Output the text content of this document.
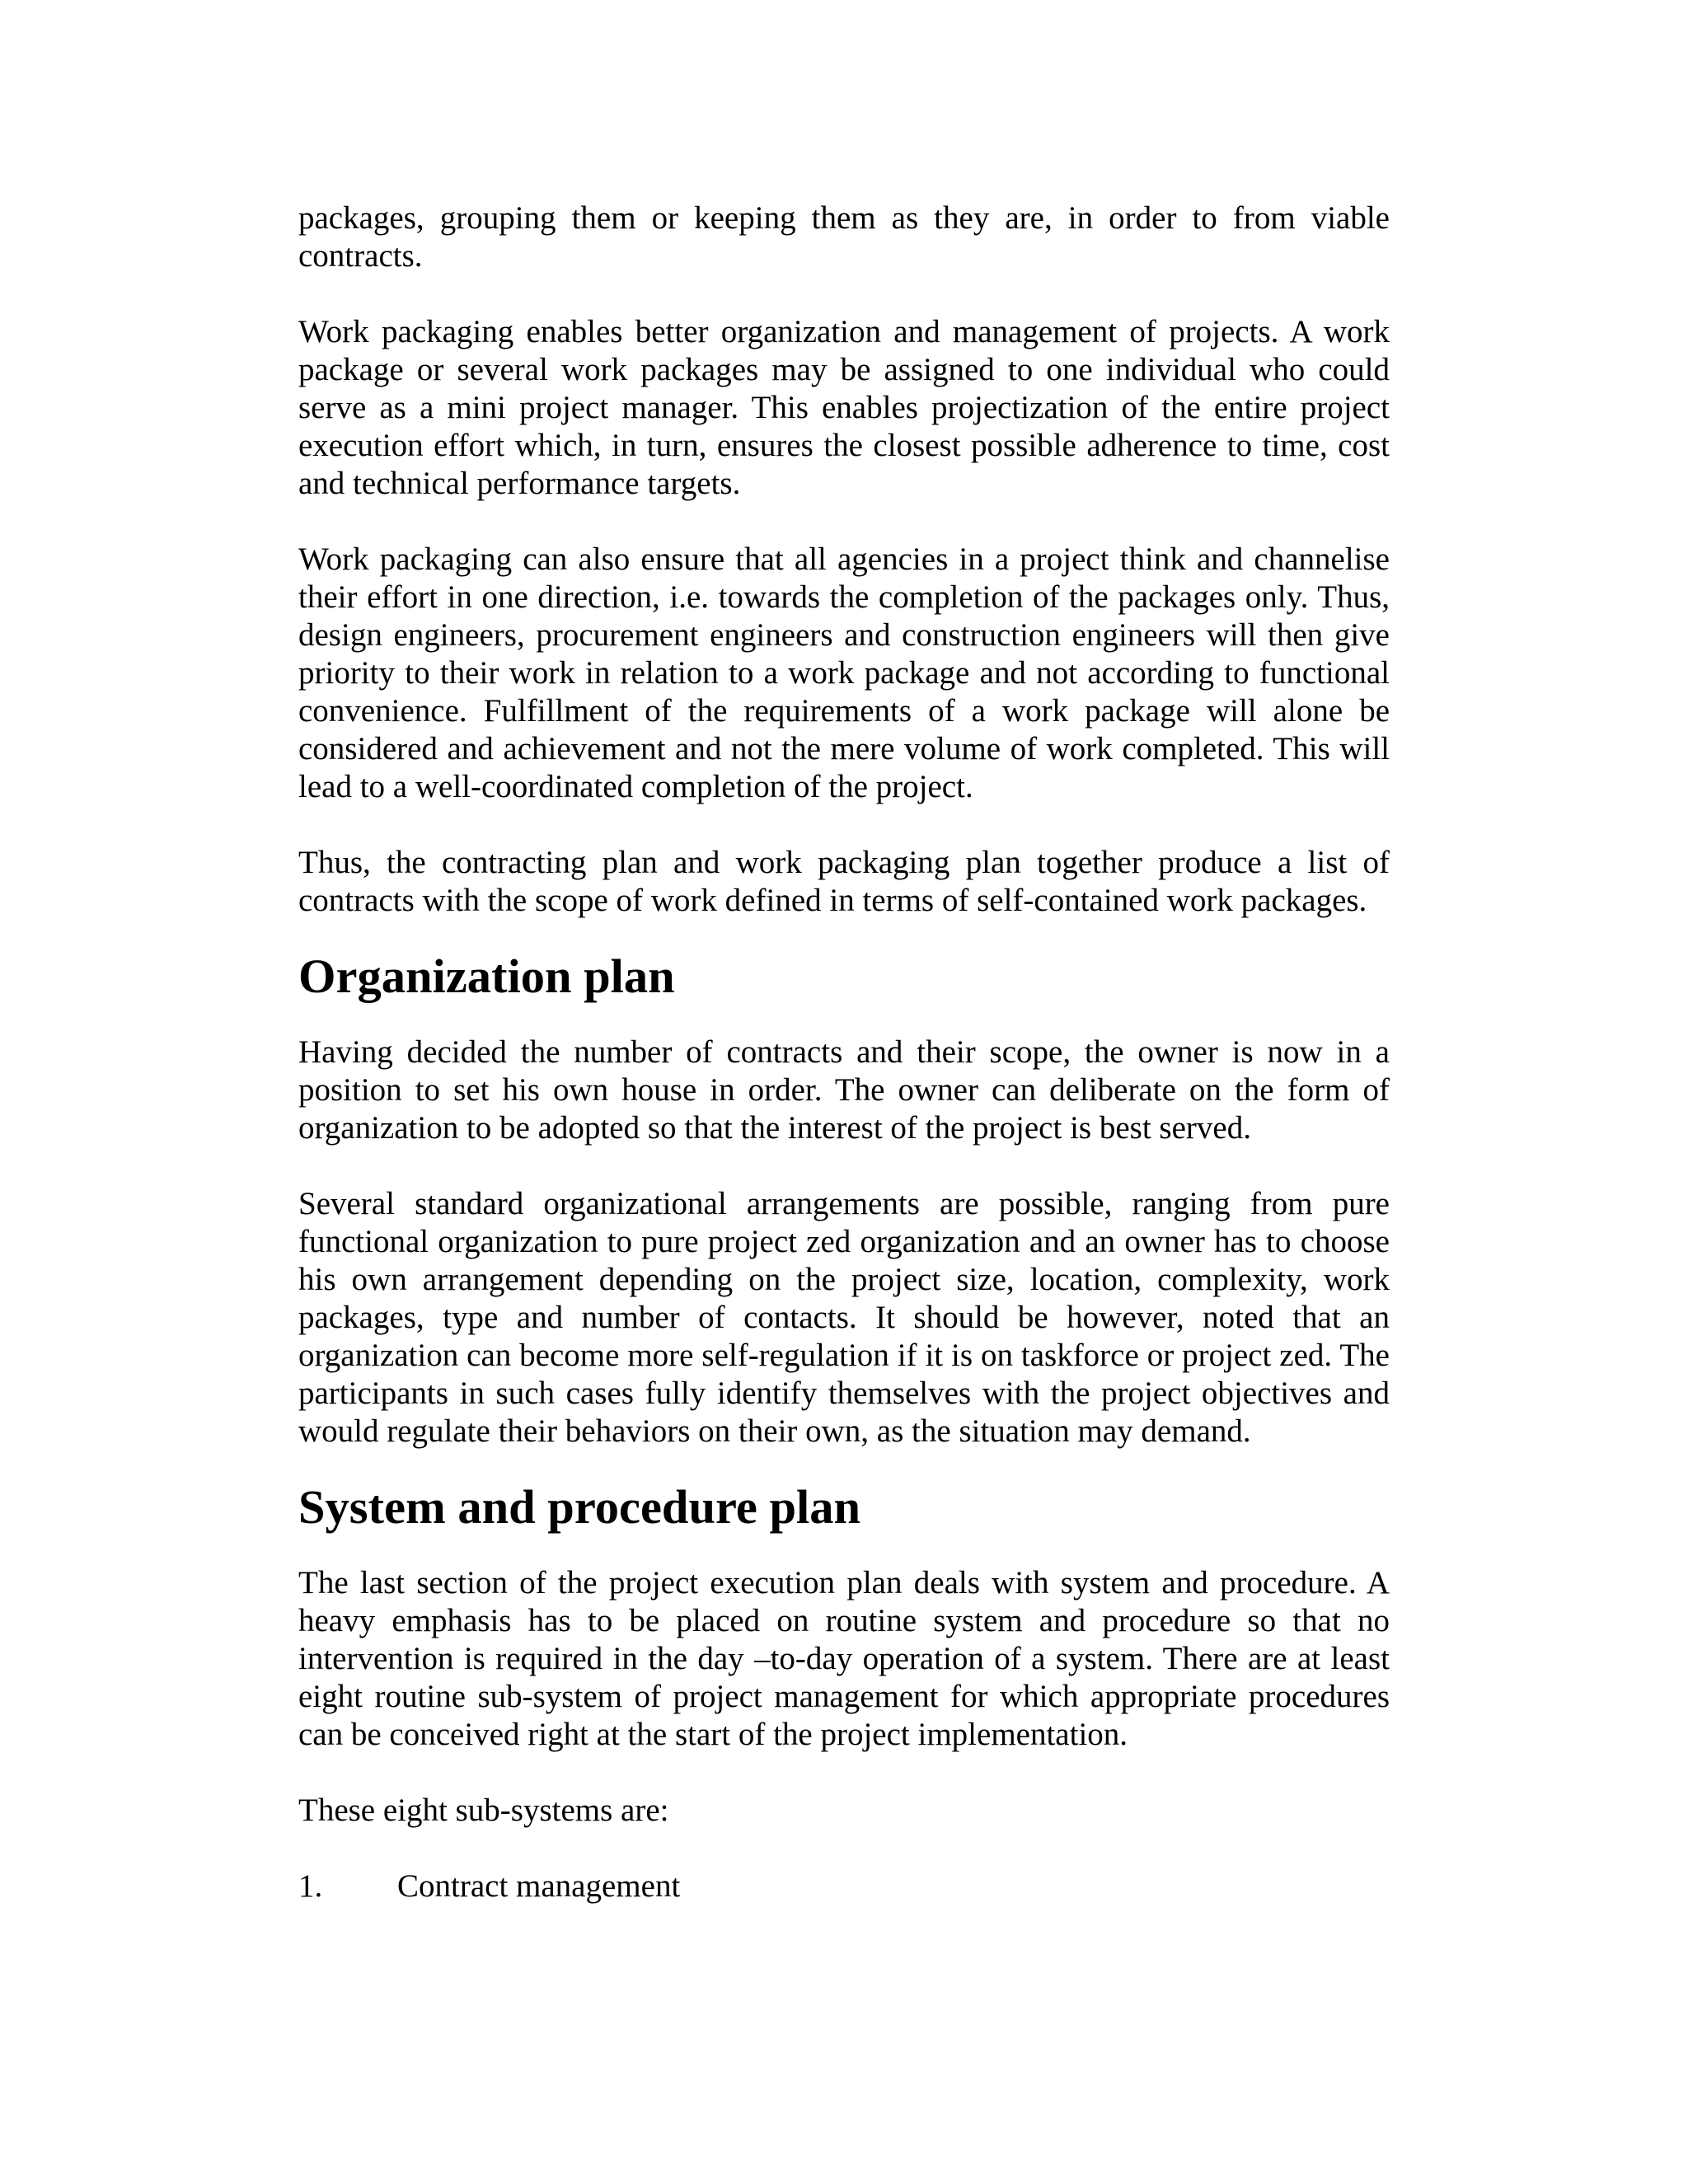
packages, grouping them or keeping them as they are, in order to from viable contracts.

Work packaging enables better organization and management of projects. A work package or several work packages may be assigned to one individual who could serve as a mini project manager. This enables projectization of the entire project execution effort which, in turn, ensures the closest possible adherence to time, cost and technical performance targets.

Work packaging can also ensure that all agencies in a project think and channelise their effort in one direction, i.e. towards the completion of the packages only. Thus, design engineers, procurement engineers and construction engineers will then give priority to their work in relation to a work package and not according to functional convenience. Fulfillment of the requirements of a work package will alone be considered and achievement and not the mere volume of work completed. This will lead to a well-coordinated completion of the project.

Thus, the contracting plan and work packaging plan together produce a list of contracts with the scope of work defined in terms of self-contained work packages.

Organization plan

Having decided the number of contracts and their scope, the owner is now in a position to set his own house in order. The owner can deliberate on the form of organization to be adopted so that the interest of the project is best served.

Several standard organizational arrangements are possible, ranging from pure functional organization to pure project zed organization and an owner has to choose his own arrangement depending on the project size, location, complexity, work packages, type and number of contacts. It should be however, noted that an organization can become more self-regulation if it is on taskforce or project zed. The participants in such cases fully identify themselves with the project objectives and would regulate their behaviors on their own, as the situation may demand.

System and procedure plan

The last section of the project execution plan deals with system and procedure. A heavy emphasis has to be placed on routine system and procedure so that no intervention is required in the day –to-day operation of a system. There are at least eight routine sub-system of project management for which appropriate procedures can be conceived right at the start of the project implementation.

These eight sub-systems are:

1.	Contract management
